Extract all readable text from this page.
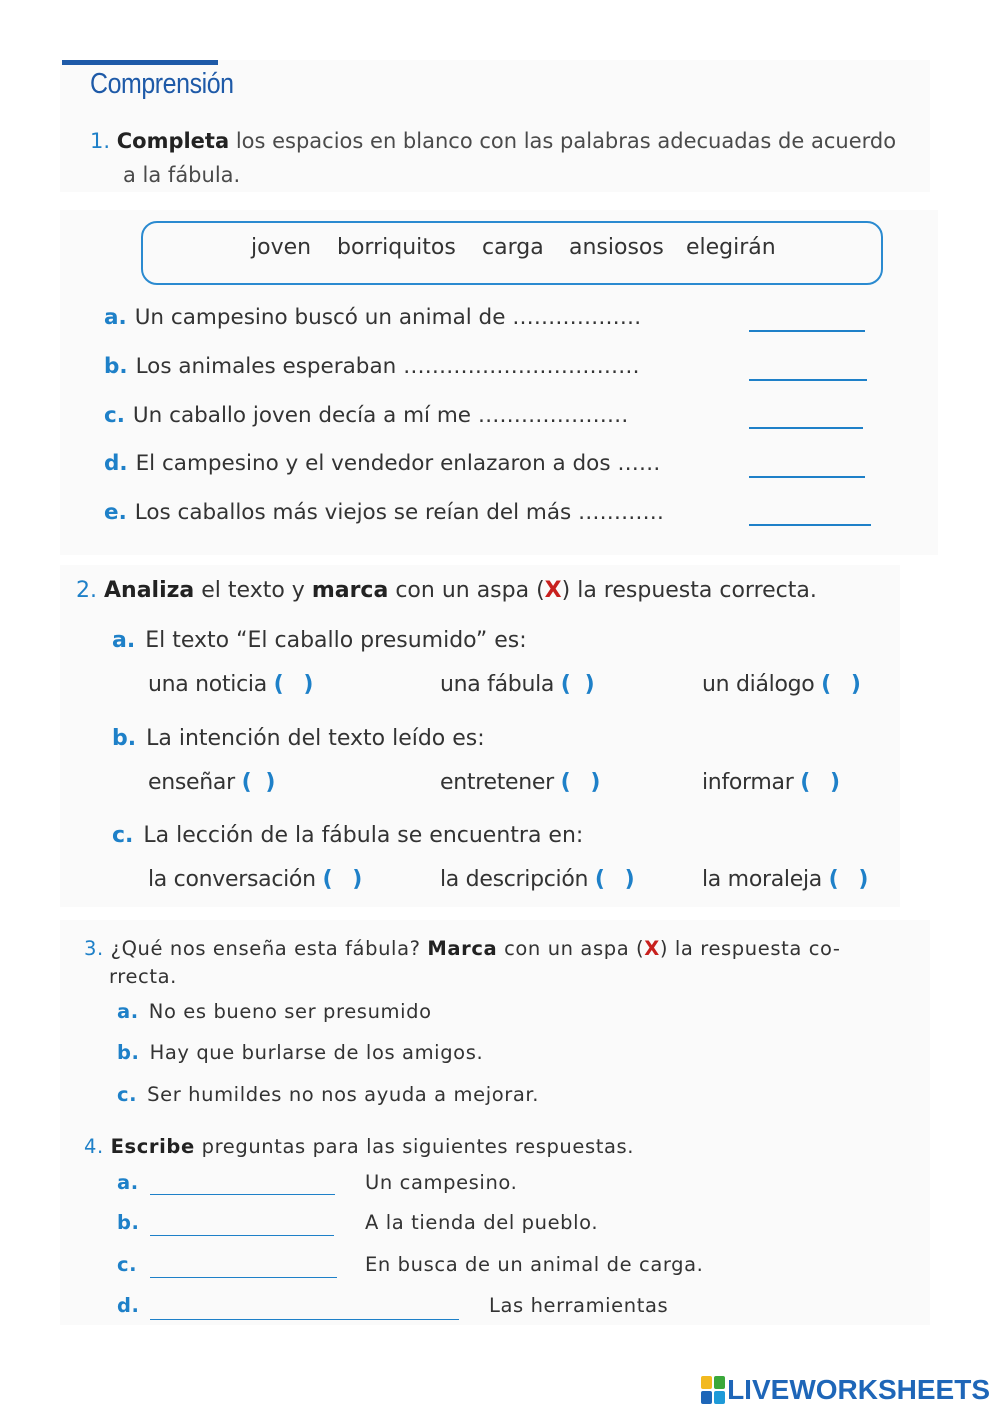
Comprensión
1. Completa los espacios en blanco con las palabras adecuadas de acuerdo
a la fábula.
joven borriquitos carga ansiosos elegirán
a. Un campesino buscó un animal de ………………
b. Los animales esperaban ……………………………
c. Un caballo joven decía a mí me …………………
d. El campesino y el vendedor enlazaron a dos ……
e. Los caballos más viejos se reían del más …………
2. Analiza el texto y marca con un aspa (X) la respuesta correcta.
a. El texto “El caballo presumido” es:
una noticia ( )	una fábula ( )	un diálogo ( )
b. La intención del texto leído es:
enseñar ( )	entretener ( )	informar ( )
c. La lección de la fábula se encuentra en:
la conversación ( )	la descripción ( )	la moraleja ( )
3. ¿Qué nos enseña esta fábula? Marca con un aspa (X) la respuesta co-
rrecta.
a. No es bueno ser presumido
b. Hay que burlarse de los amigos.
c. Ser humildes no nos ayuda a mejorar.
4. Escribe preguntas para las siguientes respuestas.
a.	Un campesino.
b.	A la tienda del pueblo.
c.	En busca de un animal de carga.
d.	Las herramientas
LIVEWORKSHEETS
